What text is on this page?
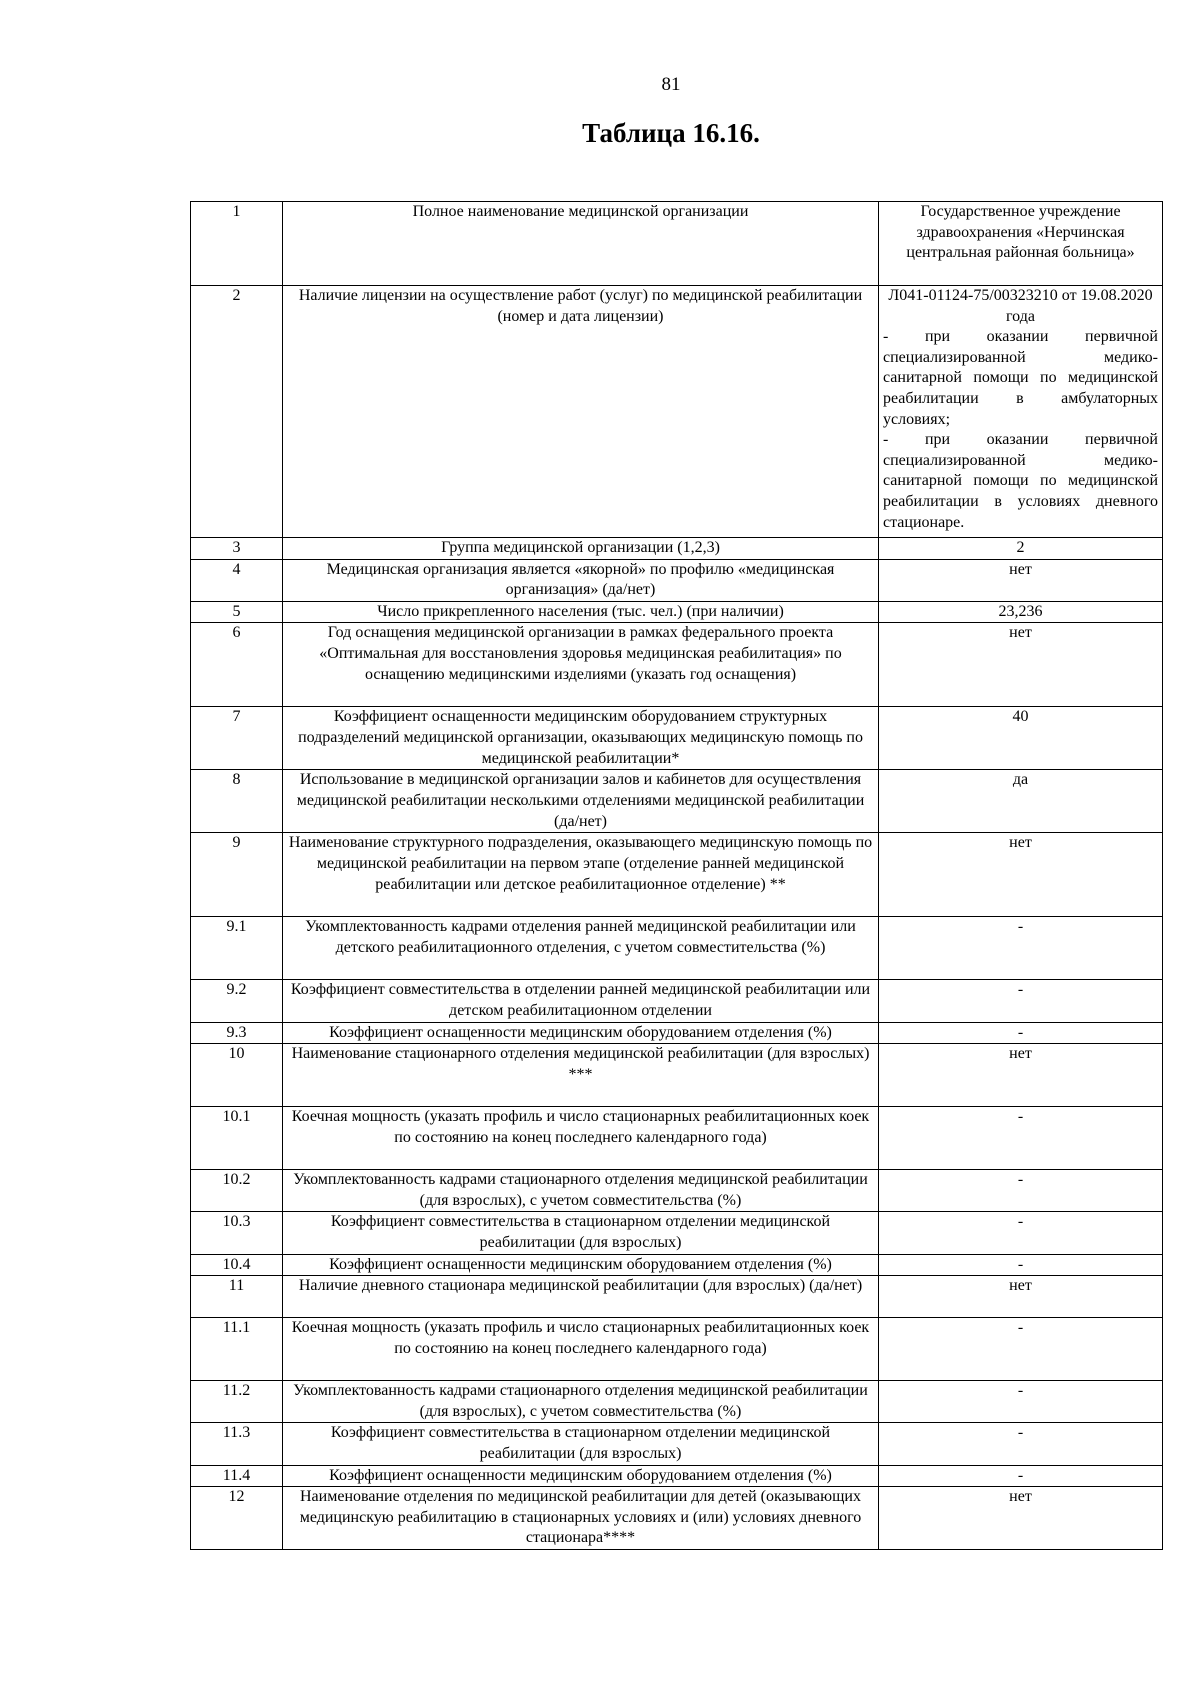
81
Таблица 16.16.
1	Полное наименование медицинской организации	Государственное учреждение здравоохранения «Нерчинская центральная районная больница»
2	Наличие лицензии на осуществление работ (услуг) по медицинской реабилитации (номер и дата лицензии)	Л041-01124-75/00323210 от 19.08.2020 года
- при оказании первичной специализированной медико-санитарной помощи по медицинской реабилитации в амбулаторных условиях;
- при оказании первичной специализированной медико-санитарной помощи по медицинской реабилитации в условиях дневного стационаре.

3	Группа медицинской организации (1,2,3)	2
4	Медицинская организация является «якорной» по профилю «медицинская организация» (да/нет)	нет
5	Число прикрепленного населения (тыс. чел.) (при наличии)	23,236
6	Год оснащения медицинской организации в рамках федерального проекта «Оптимальная для восстановления здоровья медицинская реабилитация» по оснащению медицинскими изделиями (указать год оснащения)	нет
7	Коэффициент оснащенности медицинским оборудованием структурных подразделений медицинской организации, оказывающих медицинскую помощь по медицинской реабилитации*	40
8	Использование в медицинской организации залов и кабинетов для осуществления медицинской реабилитации несколькими отделениями медицинской реабилитации (да/нет)	да
9	Наименование структурного подразделения, оказывающего медицинскую помощь по медицинской реабилитации на первом этапе (отделение ранней медицинской реабилитации или детское реабилитационное отделение) **	нет
9.1	Укомплектованность кадрами отделения ранней медицинской реабилитации или детского реабилитационного отделения, с учетом совместительства (%)	-
9.2	Коэффициент совместительства в отделении ранней медицинской реабилитации или детском реабилитационном отделении	-
9.3	Коэффициент оснащенности медицинским оборудованием отделения (%)	-
10	Наименование стационарного отделения медицинской реабилитации (для взрослых) ***	нет
10.1	Коечная мощность (указать профиль и число стационарных реабилитационных коек по состоянию на конец последнего календарного года)	-
10.2	Укомплектованность кадрами стационарного отделения медицинской реабилитации (для взрослых), с учетом совместительства (%)	-
10.3	Коэффициент совместительства в стационарном отделении медицинской реабилитации (для взрослых)	-
10.4	Коэффициент оснащенности медицинским оборудованием отделения (%)	-
11	Наличие дневного стационара медицинской реабилитации (для взрослых) (да/нет)	нет
11.1	Коечная мощность (указать профиль и число стационарных реабилитационных коек по состоянию на конец последнего календарного года)	-
11.2	Укомплектованность кадрами стационарного отделения медицинской реабилитации (для взрослых), с учетом совместительства (%)	-
11.3	Коэффициент совместительства в стационарном отделении медицинской реабилитации (для взрослых)	-
11.4	Коэффициент оснащенности медицинским оборудованием отделения (%)	-
12	Наименование отделения по медицинской реабилитации для детей (оказывающих медицинскую реабилитацию в стационарных условиях и (или) условиях дневного стационара****	нет
